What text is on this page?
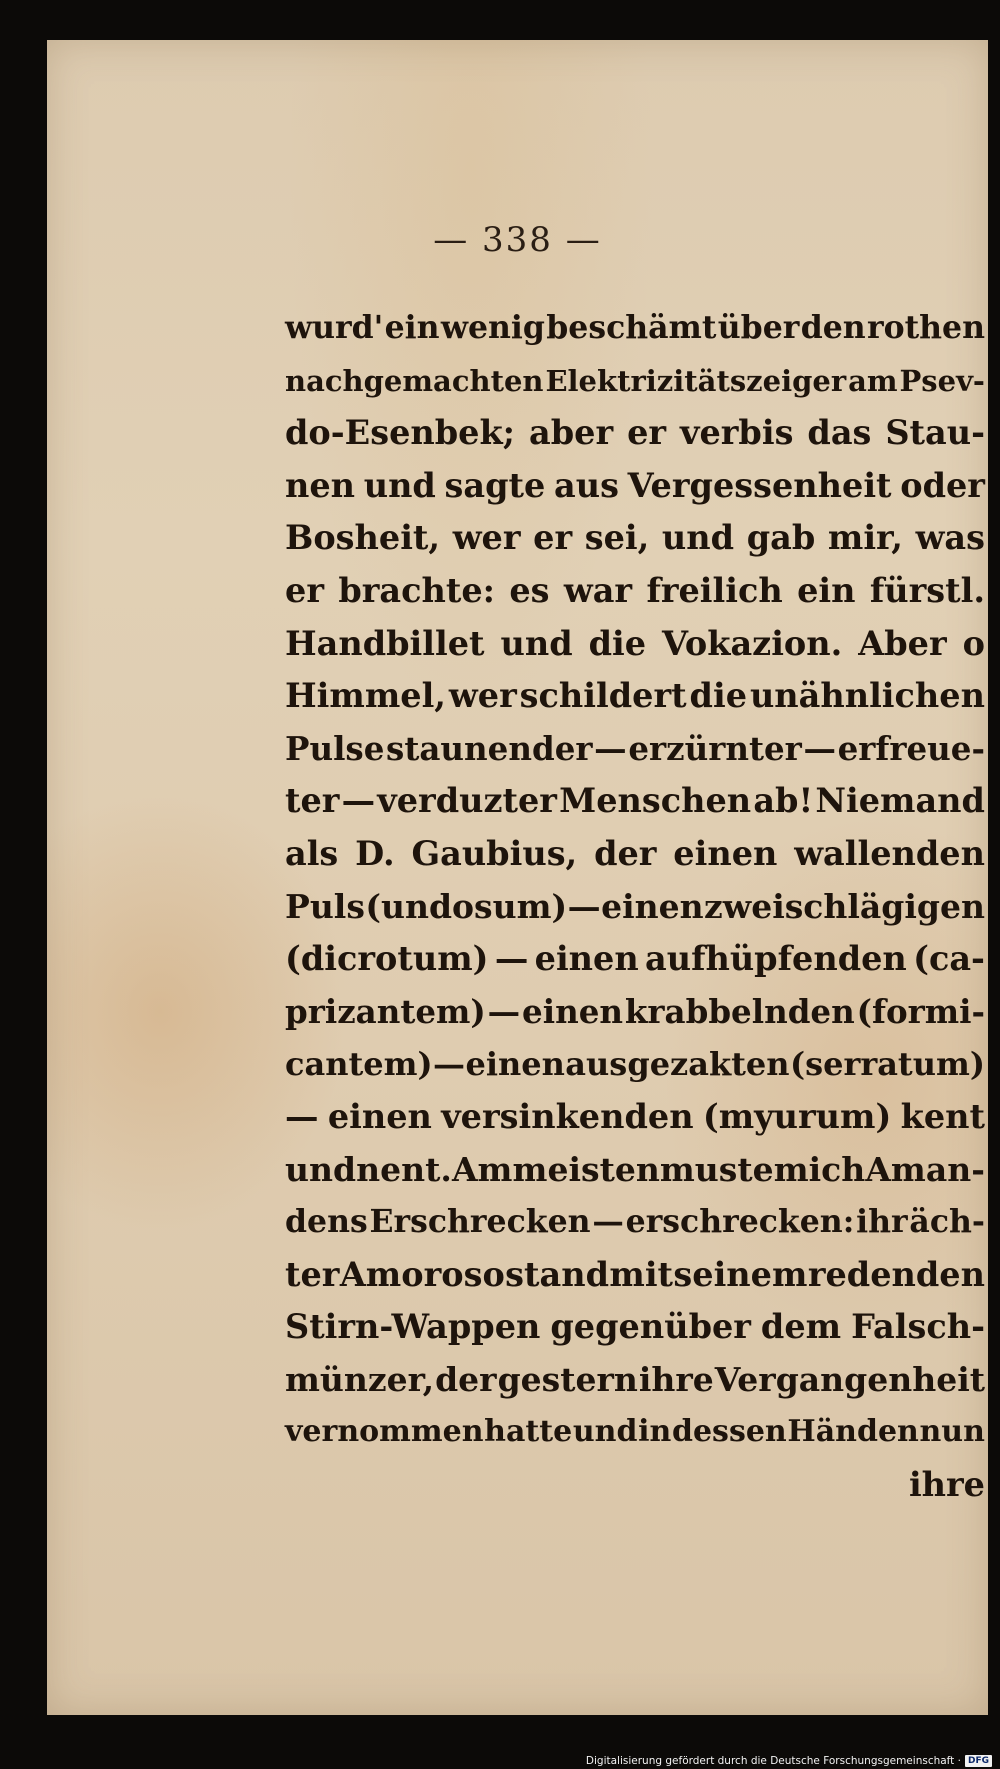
— 338 —
wurd' ein wenig beschämt über den rothen
nachgemachten Elektrizitätszeiger am Psev-
do-Esenbek; aber er verbis das Stau-
nen und sagte aus Vergessenheit oder
Bosheit, wer er sei, und gab mir, was
er brachte: es war freilich ein fürstl.
Handbillet und die Vokazion. Aber o
Himmel, wer schildert die unähnlichen
Pulse staunender — erzürnter — erfreue-
ter — verduzter Menschen ab! Niemand
als D. Gaubius, der einen wallenden
Puls (undosum) — einen zweischlägigen
(dicrotum) — einen aufhüpfenden (ca-
prizantem) — einen krabbelnden (formi-
cantem) — einen ausgezakten (serratum)
— einen versinkenden (myurum) kent
und nent. Am meisten muste mich Aman-
dens Erschrecken — erschrecken: ihr äch-
ter Amoroso stand mit seinem redenden
Stirn-Wappen gegenüber dem Falsch-
münzer, der gestern ihre Vergangenheit
vernommen hatte und in dessen Händen nun
ihre
Digitalisierung gefördert durch die Deutsche Forschungsgemeinschaft · DFG
